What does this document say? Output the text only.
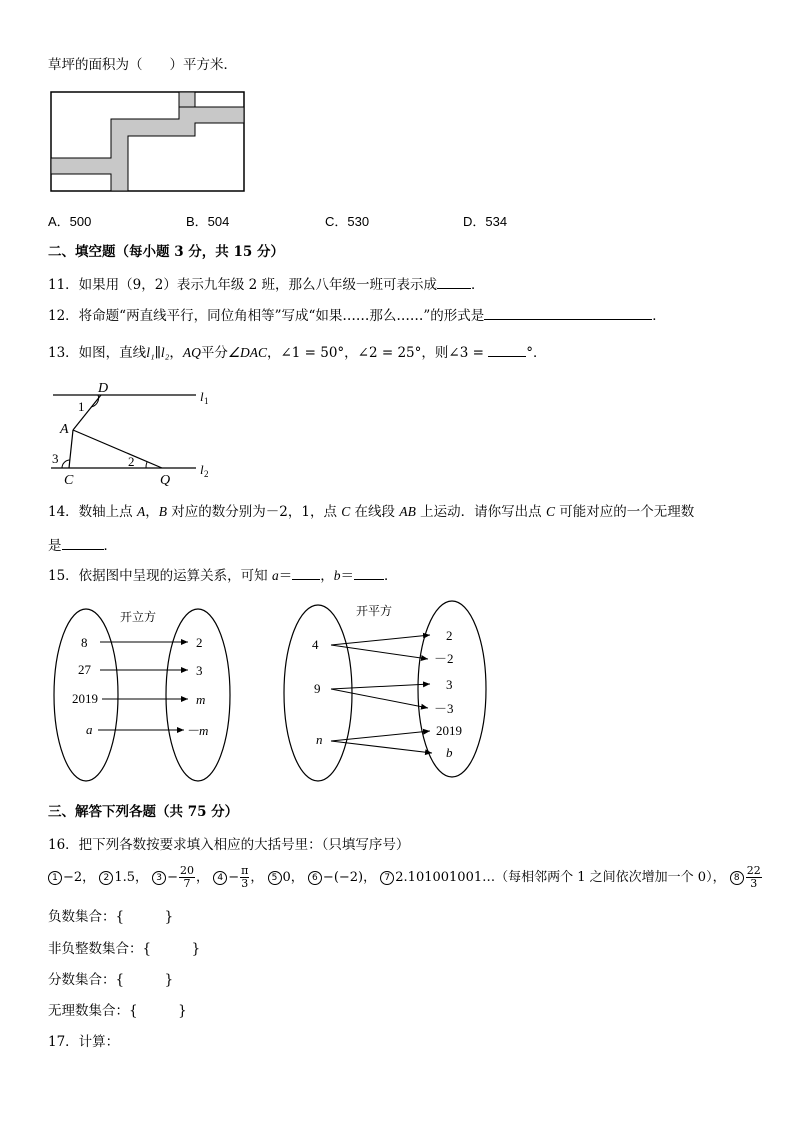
草坪的面积为（　　）平方米．
A．500	B．504	C．530	D．534
二、填空题（每小题 3 分，共 15 分）
11．如果用（9，2）表示九年级 2 班，那么八年级一班可表示成	．
12．将命题“两直线平行，同位角相等”写成“如果……那么……”的形式是	．
13．如图，直线l₁∥l₂，AQ平分∠DAC，∠1 = 50°，∠2 = 25°，则∠3 =	°．
D
1
A
3
C
2
Q
l 1
l 2
14．数轴上点 A，B 对应的数分别为－2，1，点 C 在线段 AB 上运动．请你写出点 C 可能对应的一个无理数
是	．
15．依据图中呈现的运算关系，可知 a＝ ，b＝ ．
开立方
8
27
2019
a
2
3
m
－m
开平方
4
9
n
2
－2
3
－3
2019
b
三、解答下列各题（共 75 分）
16．把下列各数按要求填入相应的大括号里：（只填写序号）
1 −2， 2 1.5， $3 - \frac{20}{7}$ ， $4 - \frac{\pi}{3}$ ， 5 0， 6 −(−2)， 7 2.101001001…（每相邻两个 1 之间依次增加一个 0）， $8 \frac{22}{3}$
负数集合：{　　　}
非负整数集合：{　　　}
分数集合：{　　　}
无理数集合：{　　　}
17．计算：
